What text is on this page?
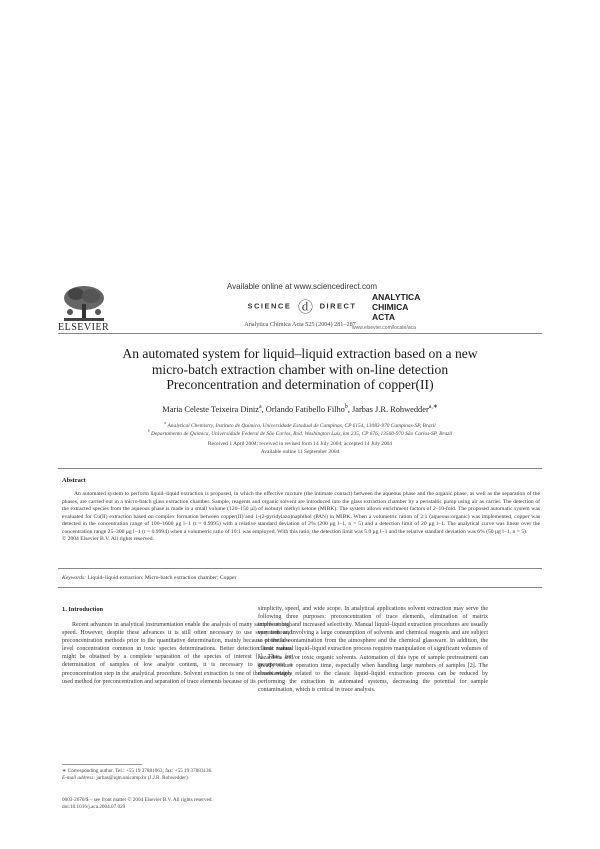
ELSEVIER
Available online at www.sciencedirect.com
SCIENCE ⓓ DIRECT
Analytica Chimica Acta 525 (2004) 281–287
ANALYTICA
CHIMICA
ACTA
www.elsevier.com/locate/aca
An automated system for liquid–liquid extraction based on a new
micro-batch extraction chamber with on-line detection
Preconcentration and determination of copper(II)
Maria Celeste Teixeira Diniz$^a$, Orlando Fatibello Filho$^b$, Jarbas J.R. Rohwedder$^{a,∗}$
$^a$ Analytical Chemistry, Instituto de Química, Universidade Estadual de Campinas, CP 6154, 13083-970 Campinas-SP, Brazil
$^b$ Departamento de Química, Universidade Federal de São Carlos, Rod. Washington Luiz, km 235, CP 676, 13560-970 São Carlos-SP, Brazil
Received 1 April 2004; received in revised form 14 July 2004; accepted 14 July 2004
Available online 11 September 2004
Abstract
An automated system to perform liquid–liquid extraction is proposed, in which the effective mixture (the intimate contact) between the aqueous phase and the organic phase, as well as the separation of the phases, are carried out in a micro-batch glass extraction chamber. Sample, reagents and organic solvent are introduced into the glass extraction chamber by a peristaltic pump using air as carrier. The detection of the extracted species from the aqueous phase is made in a small volume (120–150 μl) of isobutyl methyl ketone (MIBK). The system allows enrichment factors of 2–10-fold. The proposed automatic system was evaluated for Cu(II) extraction based on complex formation between copper(II) and 1-(2-pyridylazo)naphthol (PAN) in MIBK. When a volumetric ration of 2:1 (aqueous:organic) was implemented, copper was detected in the concentration range of 100–1600 μg l−1 (r = 0.9995) with a relative standard deviation of 2% (200 μg l−1, n = 5) and a detection limit of 20 μg l−1. The analytical curve was linear over the concentration range 25–300 μg l−1 (r = 0.9994) when a volumetric ratio of 10:1 was employed. With this ratio, the detection limit was 5.0 μg l−1 and the relative standard deviation was 6% (50 μg l−1, n = 5).
© 2004 Elsevier B.V. All rights reserved.
Keywords: Liquid–liquid extraction; Micro-batch extraction chamber; Copper
1. Introduction
Recent advances in analytical instrumentation enable the analysis of many samples at high speed. However, despite these advances it is still often necessary to use separation and preconcentration methods prior to the quantitative determination, mainly because of the low-level concentration common in toxic species determinations. Better detection limit values might be obtained by a complete separation of the species of interest [1]. Thus, for determination of samples of low analyte content, it is necessary to incorporate a preconcentration step in the analytical procedure. Solvent extraction is one of the most widely used method for preconcentration and separation of trace elements because of its
simplicity, speed, and wide scope. In analytical applications solvent extraction may serve the following three purposes: preconcentration of trace elements, elimination of matrix interferences, and increased selectivity. Manual liquid–liquid extraction procedures are usually very tedious, involving a large consumption of solvents and chemical reagents and are subject to potential contamination from the atmosphere and the chemical glassware. In addition, the classic manual liquid–liquid extraction process requires manipulation of significant volumes of hazardous and/or toxic organic solvents. Automation of this type of sample pretreatment can greatly reduce operation time, especially when handling large numbers of samples [2]. The disadvantages related to the classic liquid–liquid extraction process can be reduced by performing the extraction in automated systems, decreasing the potential for sample contamination, which is critical in trace analysis.
∗ Corresponding author. Tel.: +55 19 37881063; fax: +55 19 37883136.
E-mail address: jarbas@iqm.unicamp.br (J.J.R. Rohwedder).
0003-2670/$ – see front matter © 2004 Elsevier B.V. All rights reserved.
doi:10.1016/j.aca.2004.07.029
